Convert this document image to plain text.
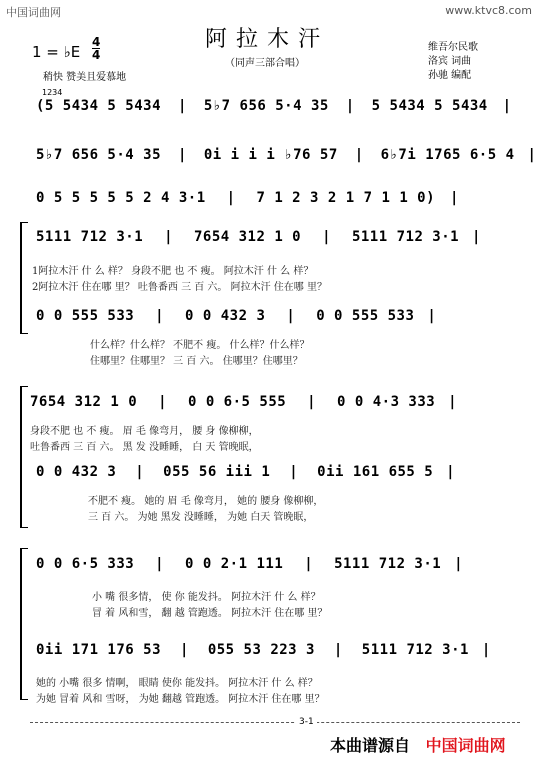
中国词曲网	www.ktvc8.com
阿拉木汗
（同声三部合唱）
1 = ♭E
4
4
稍快 赞美且爱慕地
维吾尔民歌
洛宾 词曲
孙驰 编配
1234
(5 5434 5 5434 | 5♭7 656 5·4 35 | 5 5434 5 5434 |
5♭7 656 5·4 35 | 0i i i i ♭76 57 | 6♭7i 1765 6·5 4 |
0 5 5 5 5 5 2 4 3·1 | 7 1 2 3 2 1 7 1 1 0) |
5111 712 3·1 | 7654 312 1 0 | 5111 712 3·1 |
1阿拉木汗 什 么 样？ 身段不肥 也 不 瘦。 阿拉木汗 什 么 样？
2阿拉木汗 住在哪 里？ 吐鲁番西 三 百 六。 阿拉木汗 住在哪 里？
0 0 555 533 | 0 0 432 3 | 0 0 555 533 |
什么样？什么样？ 不肥不 瘦。 什么样？什么样？
住哪里？住哪里？ 三 百 六。 住哪里？住哪里？
7654 312 1 0 | 0 0 6·5 555 | 0 0 4·3 333 |
身段不肥 也 不 瘦。 眉 毛 像弯月， 腰 身 像柳柳，
吐鲁番西 三 百 六。 黑 发 没睡睡， 白 天 管晚眠，
0 0 432 3 | 055 56 iii 1 | 0ii 161 655 5 |
不肥不 瘦。 她的 眉 毛 像弯月， 她的 腰身 像柳柳，
三 百 六。 为她 黑发 没睡睡， 为她 白天 管晚眠，
0 0 6·5 333 | 0 0 2·1 111 | 5111 712 3·1 |
小 嘴 很多情， 使 你 能发抖。 阿拉木汗 什 么 样？
冒 着 风和雪， 翻 越 管跑透。 阿拉木汗 住在哪 里？
0ii 171 176 53 | 055 53 223 3 | 5111 712 3·1 |
她的 小嘴 很多 情啊， 眼睛 使你 能发抖。 阿拉木汗 什 么 样？
为她 冒着 风和 雪呀， 为她 翻越 管跑透。 阿拉木汗 住在哪 里？
3-1
本曲谱源自 中国词曲网
